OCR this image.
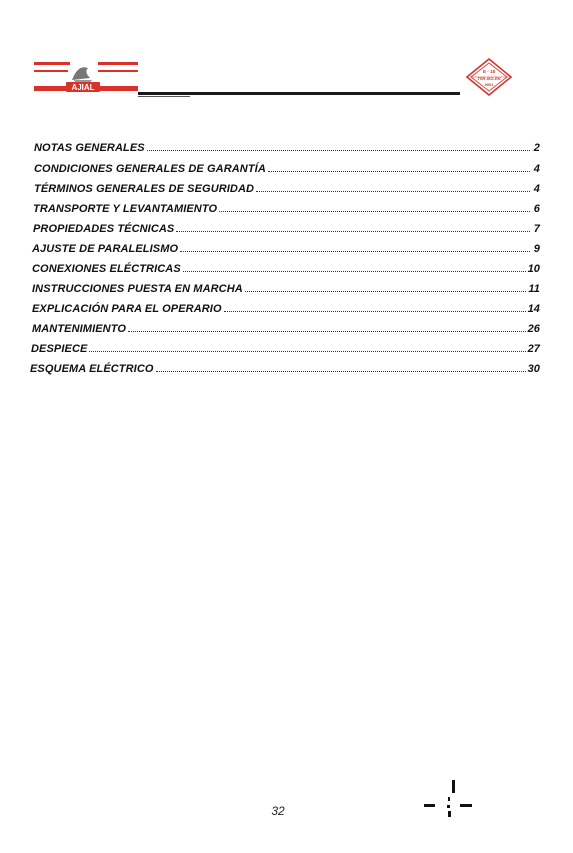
AJIAL
E - 18
TSR-ISO-EN
9001
NOTAS GENERALES	2
CONDICIONES GENERALES DE GARANTÍA	4
TÉRMINOS GENERALES DE SEGURIDAD	4
TRANSPORTE Y LEVANTAMIENTO	6
PROPIEDADES TÉCNICAS	7
AJUSTE DE PARALELISMO	9
CONEXIONES ELÉCTRICAS	10
INSTRUCCIONES PUESTA EN MARCHA	11
EXPLICACIÓN PARA EL OPERARIO	14
MANTENIMIENTO	26
DESPIECE	27
ESQUEMA ELÉCTRICO	30
32
